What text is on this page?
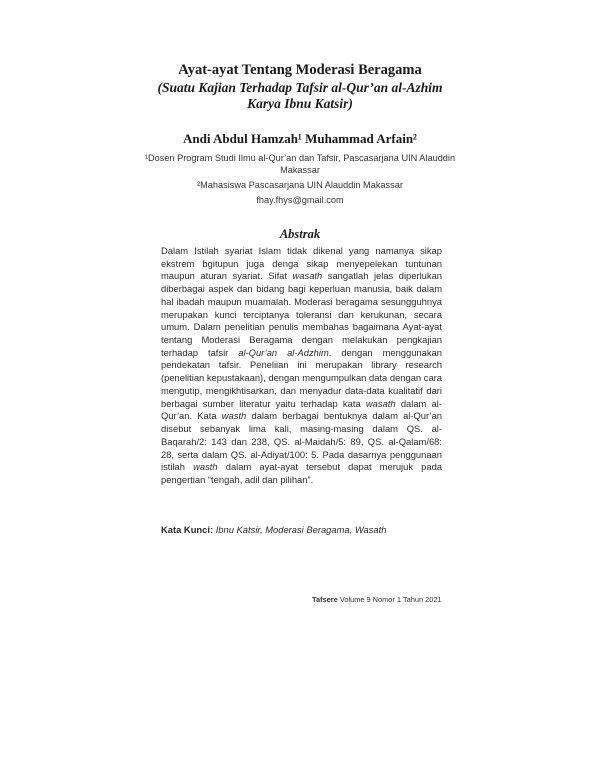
Ayat-ayat Tentang Moderasi Beragama
(Suatu Kajian Terhadap Tafsir al-Qur’an al-Azhim Karya Ibnu Katsir)
Andi Abdul Hamzah¹ Muhammad Arfain²
¹Dosen Program Studi Ilmu al-Qur’an dan Tafsir, Pascasarjana UIN Alauddin Makassar
²Mahasiswa Pascasarjana UIN Alauddin Makassar
fhay.fhys@gmail.com
Abstrak

Dalam Istilah syariat Islam tidak dikenal yang namanya sikap ekstrem bgitupun juga denga sikap menyepelekan tuntunan maupun aturan syariat. Sifat wasath sangatlah jelas diperlukan diberbagai aspek dan bidang bagi keperluan manusia, baik dalam hal ibadah maupun muamalah. Moderasi beragama sesungguhnya merupakan kunci terciptanya toleransi dan kerukunan, secara umum. Dalam penelitian penulis membahas bagaimana Ayat-ayat tentang Moderasi Beragama dengan melakukan pengkajian terhadap tafsir al-Qur’an al-Adzhim. dengan menggunakan pendekatan tafsir. Peneliian ini merupakan library research (penelitian kepustakaan), dengan mengumpulkan data dengan cara mengutip, mengikhtisarkan, dan menyadur data-data kualitatif dari berbagai sumber literatur yaitu terhadap kata wasath dalam al-Qur’an. Kata wasth dalam berbagai bentuknya dalam al-Qur’an disebut sebanyak lima kali, masing-masing dalam QS. al-Baqarah/2: 143 dan 238, QS. al-Maidah/5: 89, QS. al-Qalam/68: 28, serta dalam QS. al-Adiyat/100: 5. Pada dasarnya penggunaan istilah wasth dalam ayat-ayat tersebut dapat merujuk pada pengertian “tengah, adil dan pilihan”.

Kata Kunci: Ibnu Katsir, Moderasi Beragama, Wasath
Tafsere Volume 9 Nomor 1 Tahun 2021
